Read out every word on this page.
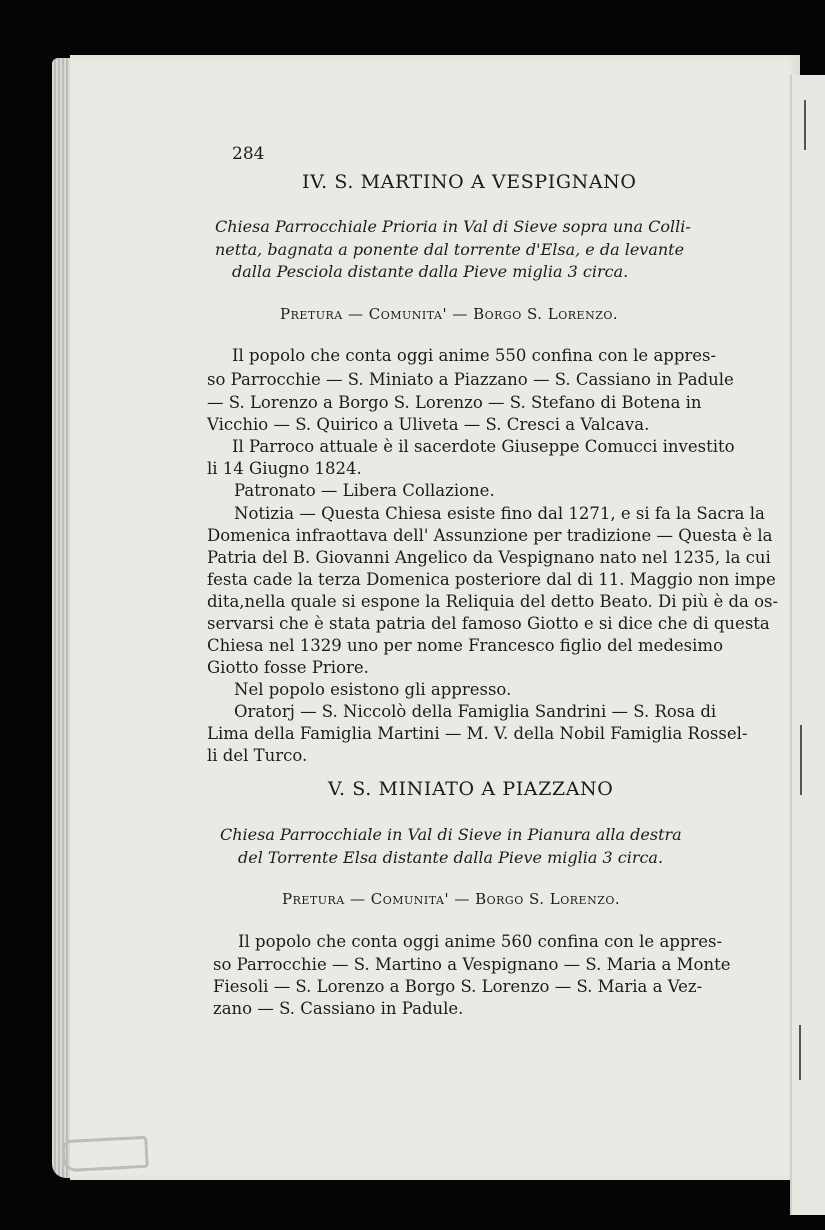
284
IV. S. MARTINO A VESPIGNANO
Chiesa Parrocchiale Prioria in Val di Sieve sopra una Colli-
netta, bagnata a ponente dal torrente d'Elsa, e da levante
dalla Pesciola distante dalla Pieve miglia 3 circa.
Pretura — Comunita' — Borgo S. Lorenzo.
Il popolo che conta oggi anime 550 confina con le appres-
so Parrocchie — S. Miniato a Piazzano — S. Cassiano in Padule
— S. Lorenzo a Borgo S. Lorenzo — S. Stefano di Botena in
Vicchio — S. Quirico a Uliveta — S. Cresci a Valcava.
Il Parroco attuale è il sacerdote Giuseppe Comucci investito
li 14 Giugno 1824.
Patronato — Libera Collazione.
Notizia — Questa Chiesa esiste fino dal 1271, e si fa la Sacra la
Domenica infraottava dell' Assunzione per tradizione — Questa è la
Patria del B. Giovanni Angelico da Vespignano nato nel 1235, la cui
festa cade la terza Domenica posteriore dal di 11. Maggio non impe
dita,nella quale si espone la Reliquia del detto Beato. Di più è da os-
servarsi che è stata patria del famoso Giotto e si dice che di questa
Chiesa nel 1329 uno per nome Francesco figlio del medesimo
Giotto fosse Priore.
Nel popolo esistono gli appresso.
Oratorj — S. Niccolò della Famiglia Sandrini — S. Rosa di
Lima della Famiglia Martini — M. V. della Nobil Famiglia Rossel-
li del Turco.
V. S. MINIATO A PIAZZANO
Chiesa Parrocchiale in Val di Sieve in Pianura alla destra
del Torrente Elsa distante dalla Pieve miglia 3 circa.
Pretura — Comunita' — Borgo S. Lorenzo.
Il popolo che conta oggi anime 560 confina con le appres-
so Parrocchie — S. Martino a Vespignano — S. Maria a Monte
Fiesoli — S. Lorenzo a Borgo S. Lorenzo — S. Maria a Vez-
zano — S. Cassiano in Padule.
